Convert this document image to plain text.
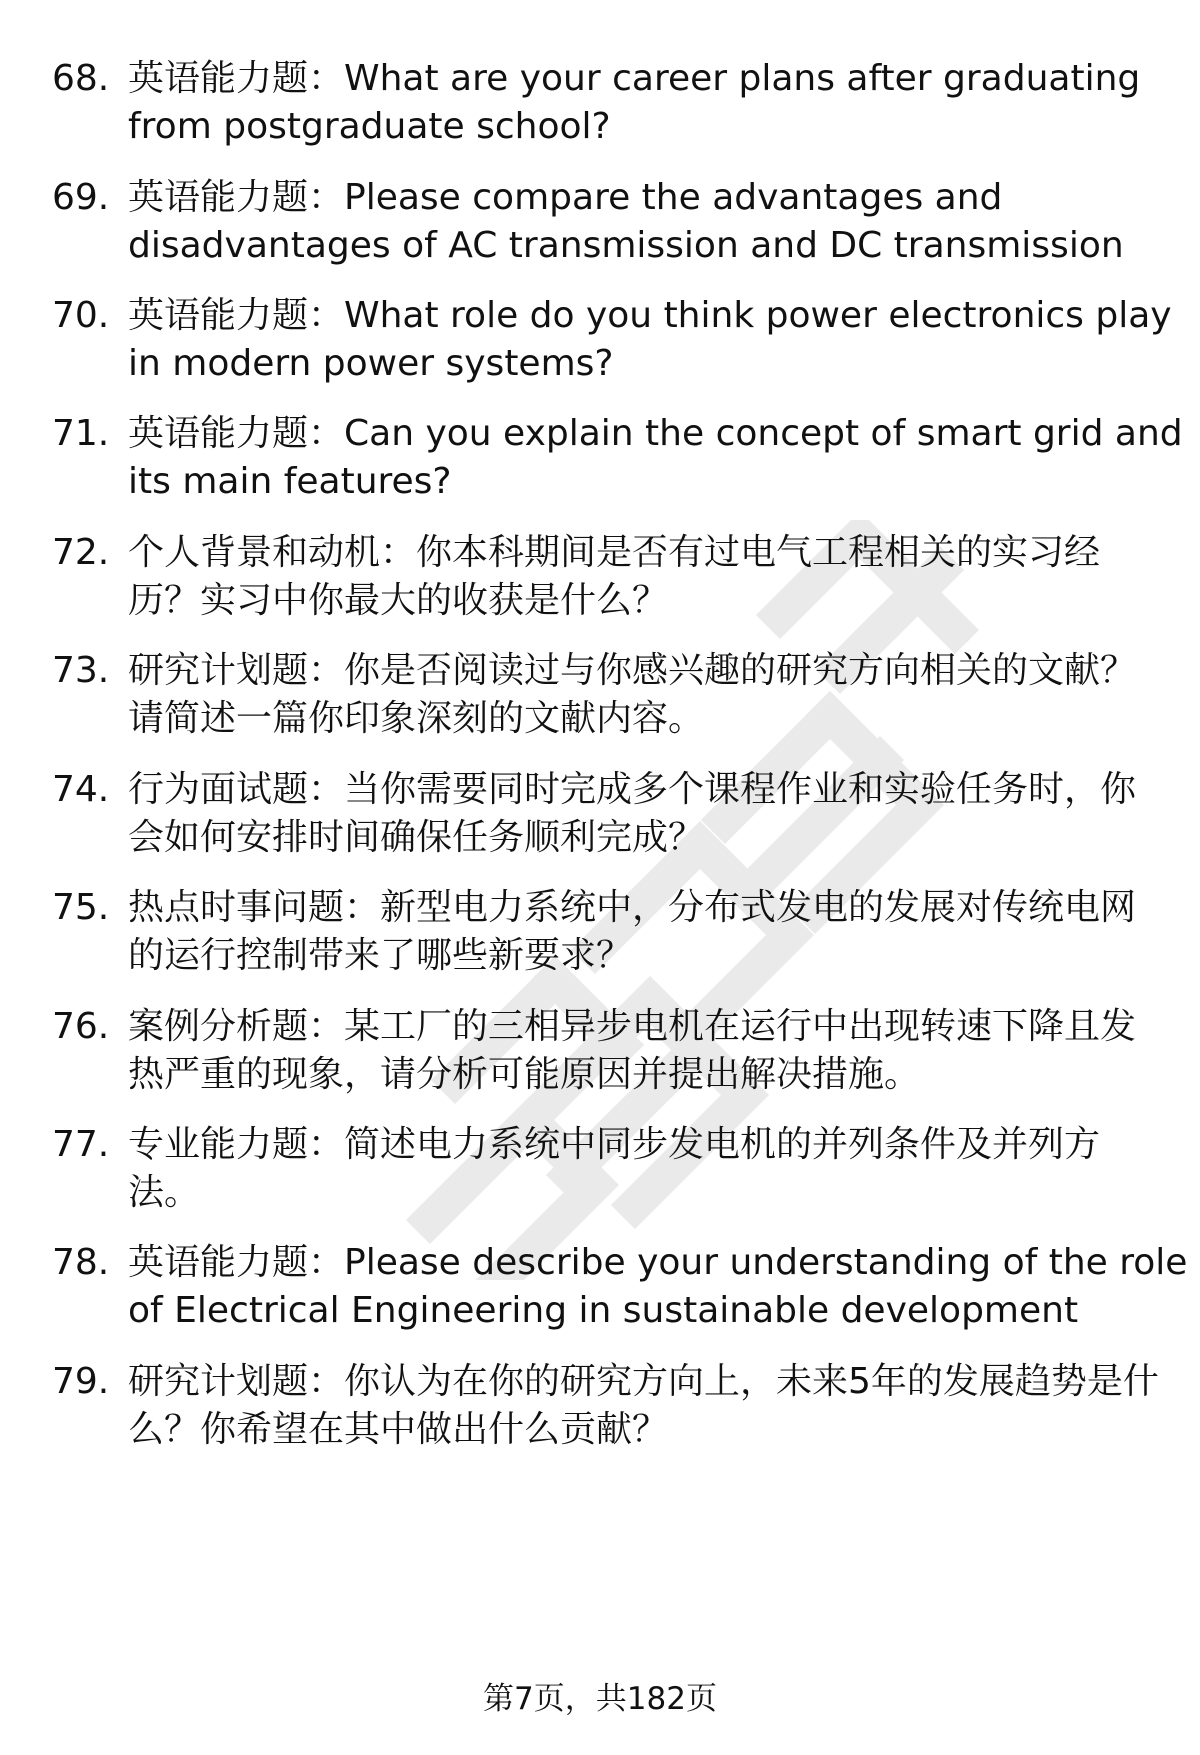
68. 英语能力题：What are your career plans after graduating
from postgraduate school?
69. 英语能力题：Please compare the advantages and
disadvantages of AC transmission and DC transmission
70. 英语能力题：What role do you think power electronics play
in modern power systems?
71. 英语能力题：Can you explain the concept of smart grid and
its main features?
72. 个人背景和动机：你本科期间是否有过电气工程相关的实习经
历？实习中你最大的收获是什么？
73. 研究计划题：你是否阅读过与你感兴趣的研究方向相关的文献？
请简述一篇你印象深刻的文献内容。
74. 行为面试题：当你需要同时完成多个课程作业和实验任务时，你
会如何安排时间确保任务顺利完成？
75. 热点时事问题：新型电力系统中，分布式发电的发展对传统电网
的运行控制带来了哪些新要求？
76. 案例分析题：某工厂的三相异步电机在运行中出现转速下降且发
热严重的现象，请分析可能原因并提出解决措施。
77. 专业能力题：简述电力系统中同步发电机的并列条件及并列方
法。
78. 英语能力题：Please describe your understanding of the role
of Electrical Engineering in sustainable development
79. 研究计划题：你认为在你的研究方向上，未来5年的发展趋势是什
么？你希望在其中做出什么贡献？
第7页，共182页
